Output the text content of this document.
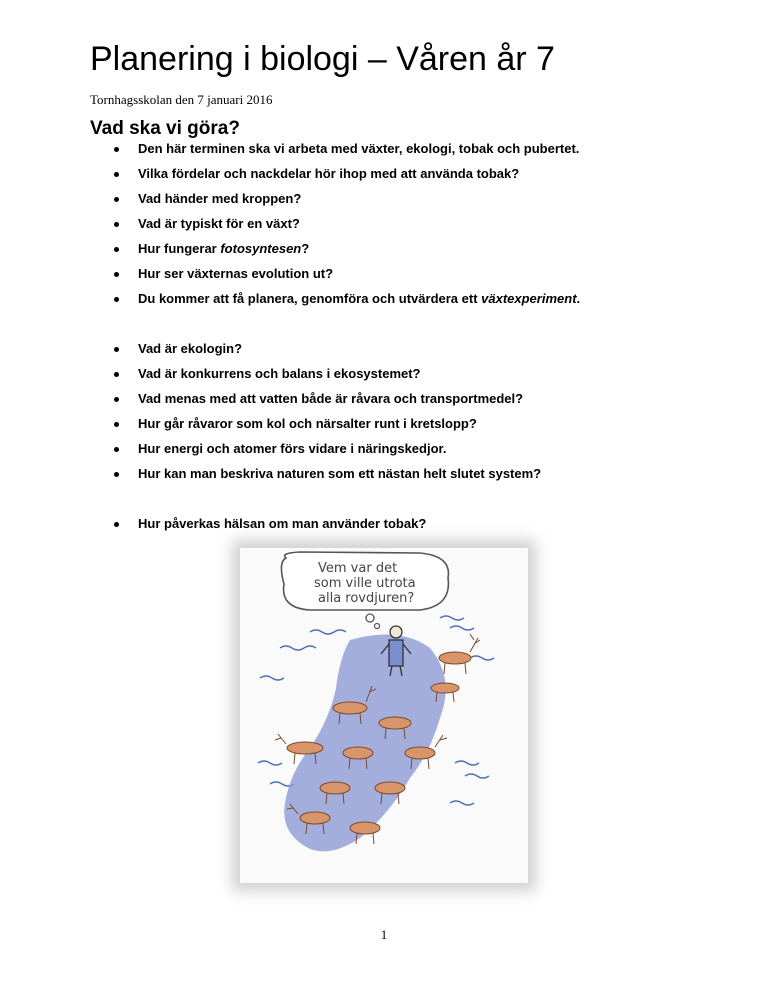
Planering i biologi – Våren år 7

Tornhagsskolan den 7 januari 2016

Vad ska vi göra?
Den här terminen ska vi arbeta med växter, ekologi, tobak och pubertet.
Vilka fördelar och nackdelar hör ihop med att använda tobak?
Vad händer med kroppen?
Vad är typiskt för en växt?
Hur fungerar fotosyntesen?
Hur ser växternas evolution ut?
Du kommer att få planera, genomföra och utvärdera ett växtexperiment.
Vad är ekologin?
Vad är konkurrens och balans i ekosystemet?
Vad menas med att vatten både är råvara och transportmedel?
Hur går råvaror som kol och närsalter runt i kretslopp?
Hur energi och atomer förs vidare i näringskedjor.
Hur kan man beskriva naturen som ett nästan helt slutet system?
Hur påverkas hälsan om man använder tobak?
Vem var det
som ville utrota
alla rovdjuren?
1
